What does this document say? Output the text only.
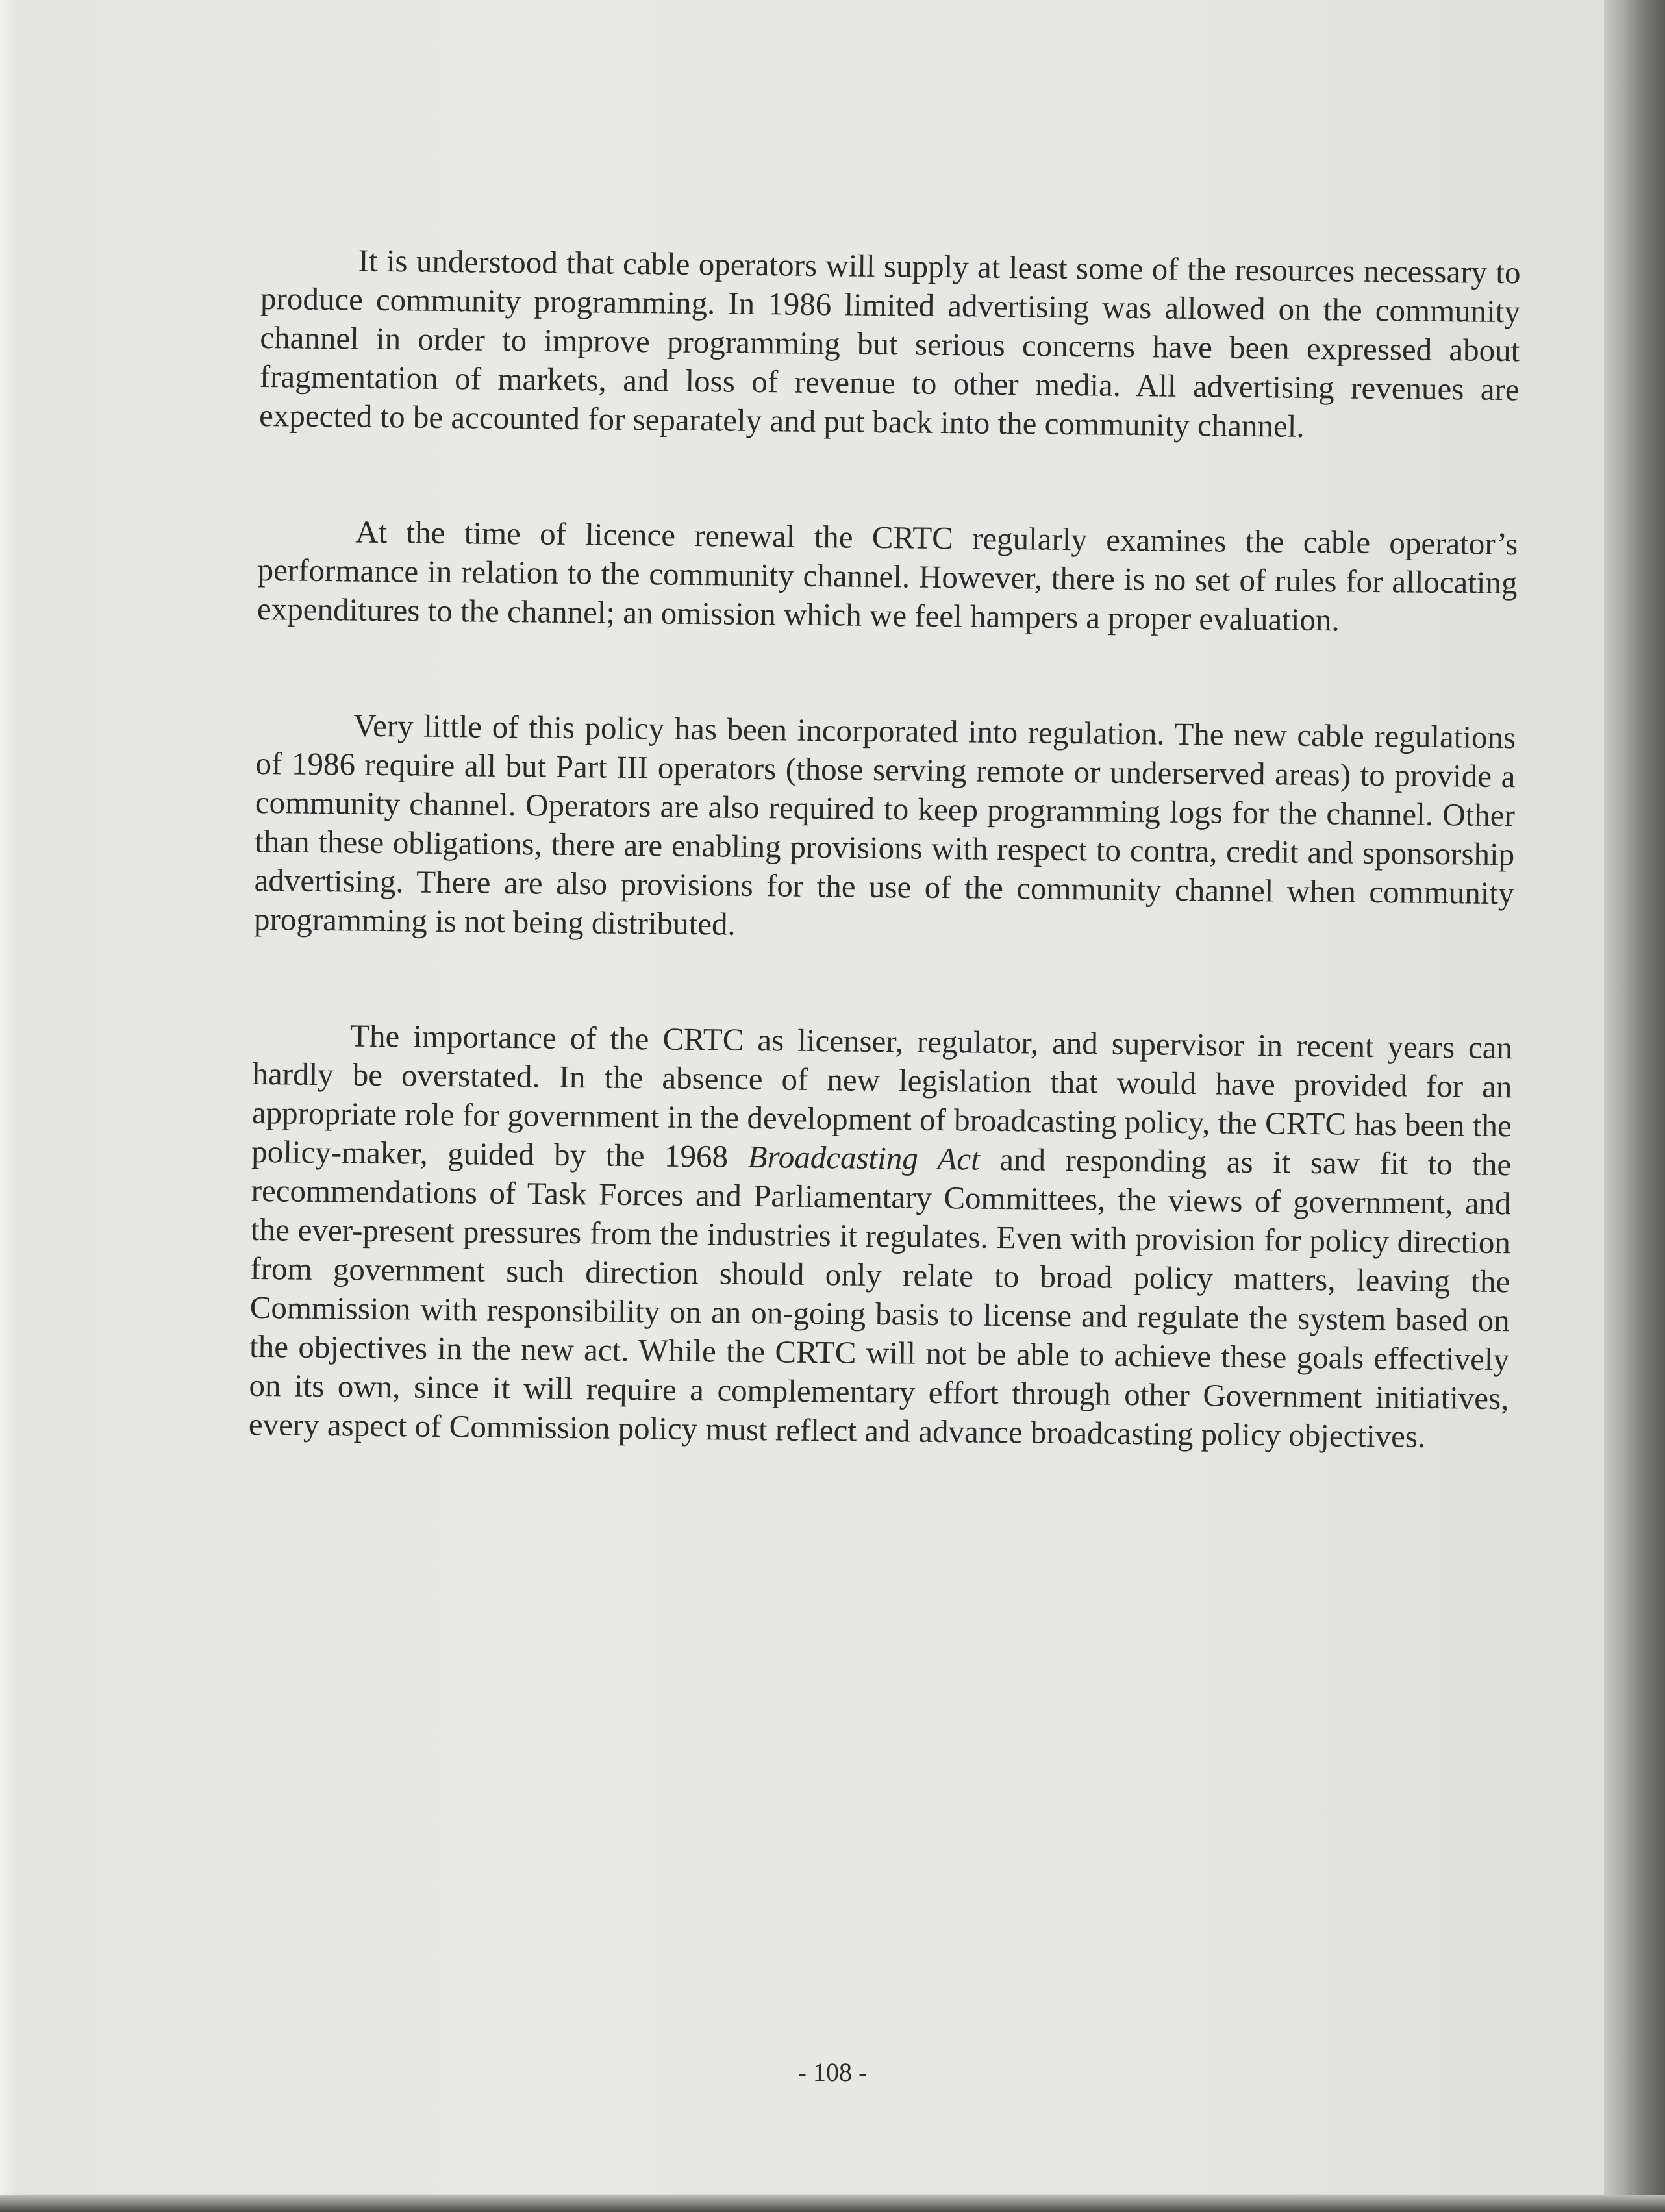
It is understood that cable operators will supply at least some of the resources necessary to produce community programming. In 1986 limited advertising was allowed on the community channel in order to improve programming but serious concerns have been expressed about fragmentation of markets, and loss of revenue to other media. All advertising revenues are expected to be accounted for separately and put back into the community channel.

At the time of licence renewal the CRTC regularly examines the cable operator’s performance in relation to the community channel. However, there is no set of rules for allocating expenditures to the channel; an omission which we feel hampers a proper evaluation.

Very little of this policy has been incorporated into regulation. The new cable regulations of 1986 require all but Part III operators (those serving remote or underserved areas) to provide a community channel. Operators are also required to keep programming logs for the channel. Other than these obligations, there are enabling provisions with respect to contra, credit and sponsorship advertising. There are also provisions for the use of the community channel when community programming is not being distributed.

The importance of the CRTC as licenser, regulator, and supervisor in recent years can hardly be overstated. In the absence of new legislation that would have provided for an appropriate role for government in the development of broadcasting policy, the CRTC has been the policy-maker, guided by the 1968 Broadcasting Act and responding as it saw fit to the recommendations of Task Forces and Parliamentary Committees, the views of government, and the ever-present pressures from the industries it regulates. Even with provision for policy direction from government such direction should only relate to broad policy matters, leaving the Commission with responsibility on an on-going basis to license and regulate the system based on the objectives in the new act. While the CRTC will not be able to achieve these goals effectively on its own, since it will require a complementary effort through other Government initiatives, every aspect of Commission policy must reflect and advance broadcasting policy objectives.

- 108 -
